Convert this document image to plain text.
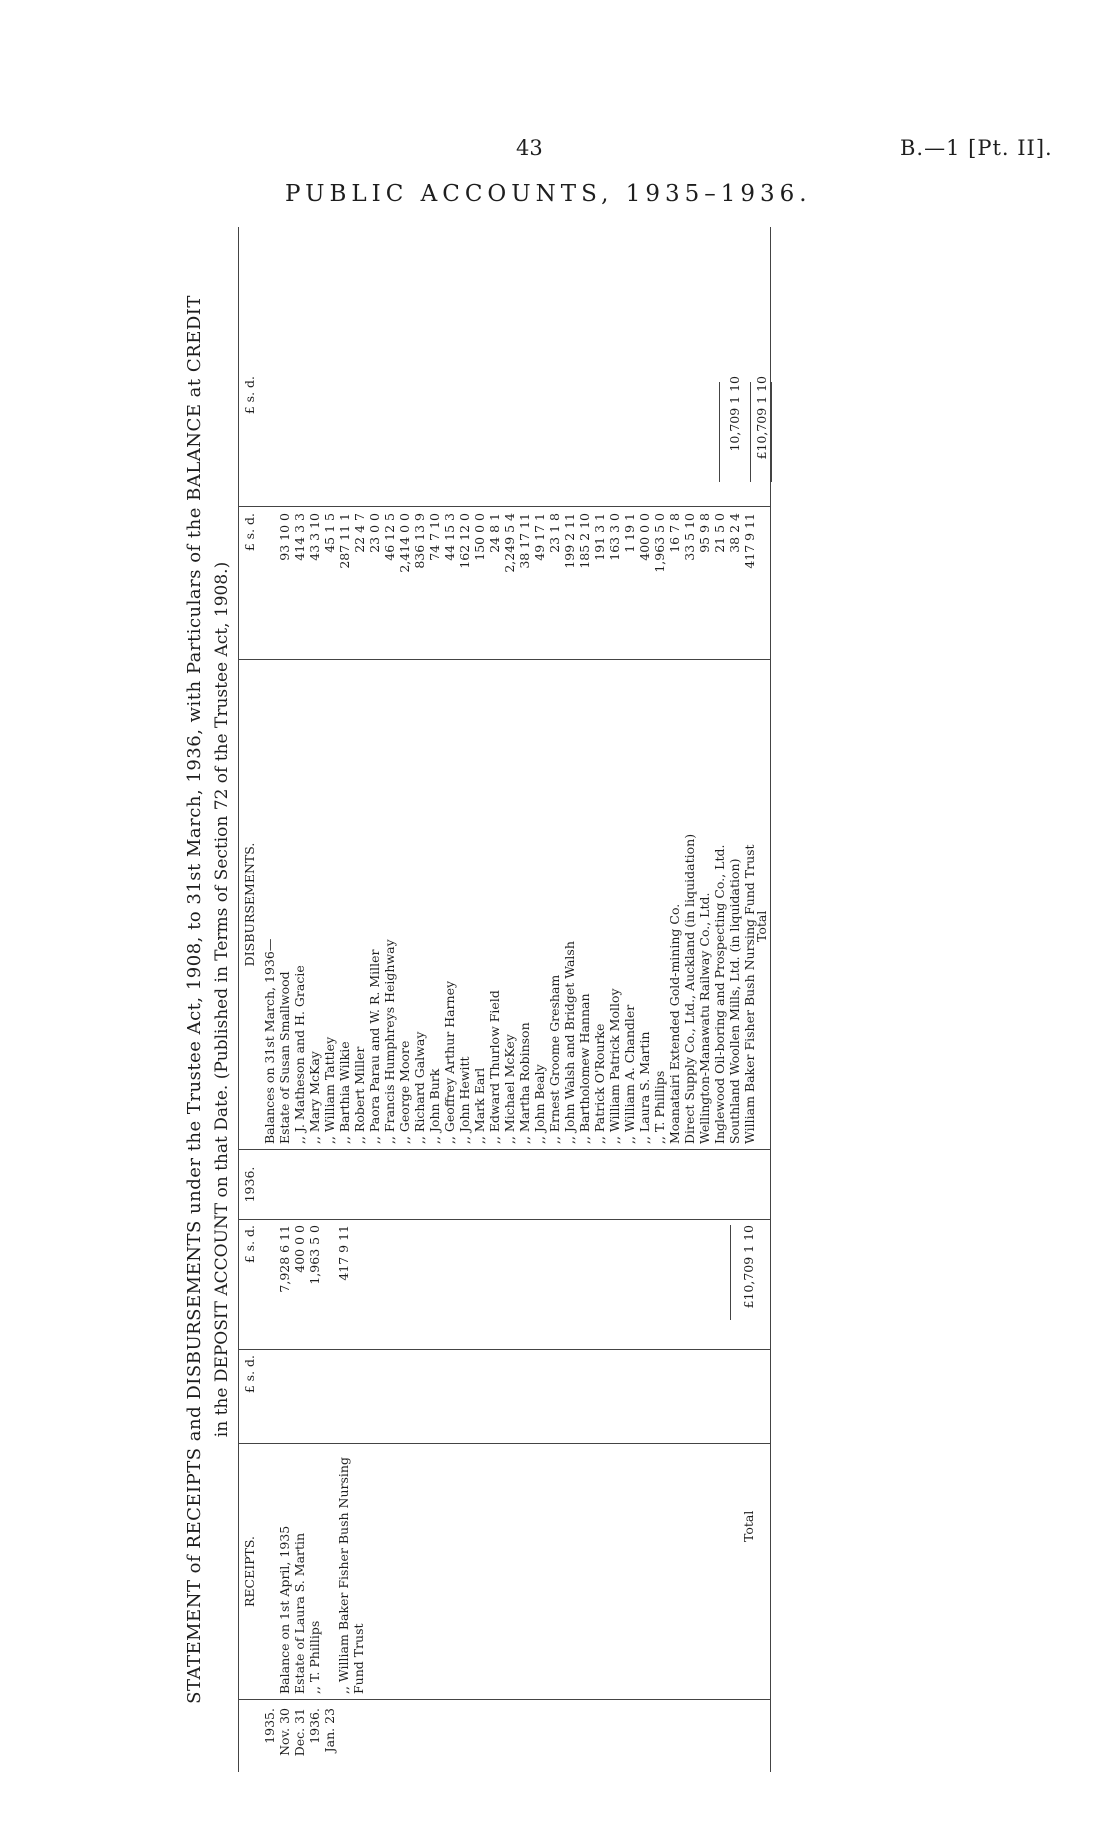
43	B.—1 [Pt. II].
PUBLIC ACCOUNTS, 1935–1936.
STATEMENT of RECEIPTS and DISBURSEMENTS under the Trustee Act, 1908, to 31st March, 1936, with Particulars of the BALANCE at CREDIT in the DEPOSIT ACCOUNT on that Date. (Published in Terms of Section 72 of the Trustee Act, 1908.)
RECEIPTS.
£ s. d.
£ s. d.
1935. Nov. 30 Dec. 31 1936. Jan. 23
Balance on 1st April, 1935
7,928 6 11
Estate of Laura S. Martin
400 0 0
,, T. Phillips
1,963 5 0
,, William Baker Fisher Bush Nursing Fund Trust
417 9 11
Total
£10,709 1 10
1936.
DISBURSEMENTS.
£ s. d.
£ s. d.
Balances on 31st March, 1936— Estate of Susan Smallwood
93 10 0
,, J. Matheson and H. Gracie
414 3 3
,, Mary McKay
43 3 10
,, William Tattley
45 1 5
,, Barthia Wilkie
287 11 1
,, Robert Miller
22 4 7
,, Paora Parau and W. R. Miller
23 0 0
,, Francis Humphreys Heighway
46 12 5
,, George Moore
2,414 0 0
,, Richard Galway
836 13 9
,, John Burk
74 7 10
,, Geoffrey Arthur Harney
44 15 3
,, John Hewitt
162 12 0
,, Mark Earl
150 0 0
,, Edward Thurlow Field
24 8 1
,, Michael McKey
2,249 5 4
,, Martha Robinson
38 17 11
,, John Bealy
49 17 1
,, Ernest Groome Gresham
23 1 8
,, John Walsh and Bridget Walsh
199 2 11
,, Bartholomew Hannan
185 2 10
,, Patrick O'Rourke
191 3 1
,, William Patrick Molloy
163 3 0
,, William A. Chandler
1 19 1
,, Laura S. Martin
400 0 0
,, T. Phillips
1,963 5 0
Moanatairi Extended Gold-mining Co.
16 7 8
Direct Supply Co., Ltd., Auckland (in liquidation)
33 5 10
Wellington-Manawatu Railway Co., Ltd.
95 9 8
Inglewood Oil-boring and Prospecting Co., Ltd.
21 5 0
Southland Woollen Mills, Ltd. (in liquidation)
38 2 4
William Baker Fisher Bush Nursing Fund Trust
417 9 11
10,709 1 10
Total
£10,709 1 10
